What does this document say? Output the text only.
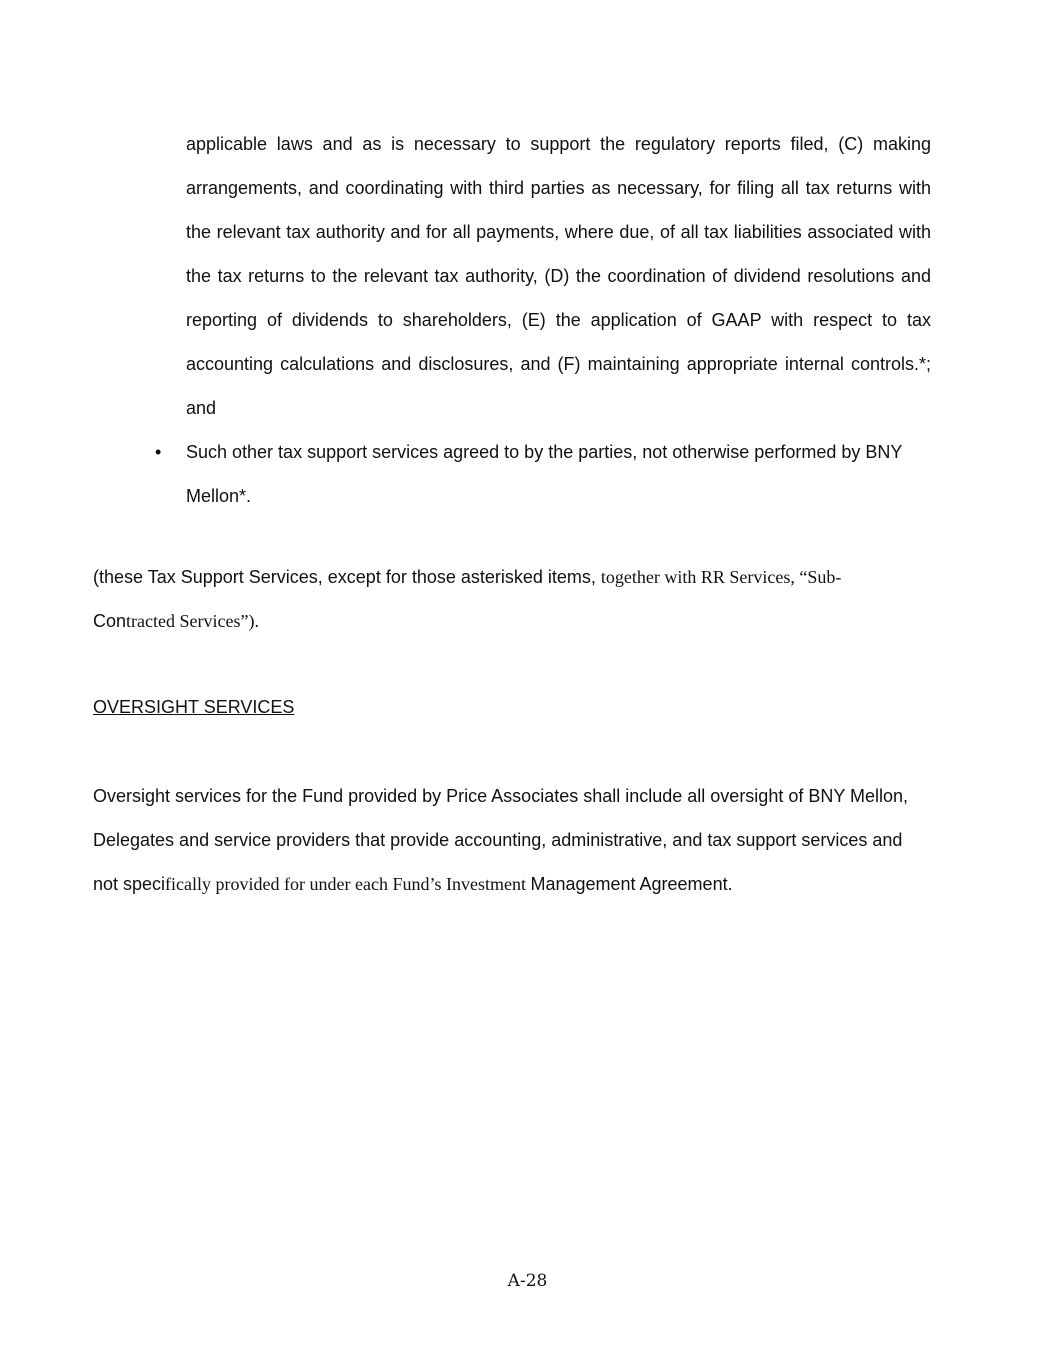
applicable laws and as is necessary to support the regulatory reports filed, (C) making arrangements, and coordinating with third parties as necessary, for filing all tax returns with the relevant tax authority and for all payments, where due, of all tax liabilities associated with the tax returns to the relevant tax authority, (D) the coordination of dividend resolutions and reporting of dividends to shareholders, (E) the application of GAAP with respect to tax accounting calculations and disclosures, and (F) maintaining appropriate internal controls.*; and

• Such other tax support services agreed to by the parties, not otherwise performed by BNY Mellon*.

(these Tax Support Services, except for those asterisked items, together with RR Services, “Sub-
Contracted Services”).

OVERSIGHT SERVICES

Oversight services for the Fund provided by Price Associates shall include all oversight of BNY Mellon, Delegates and service providers that provide accounting, administrative, and tax support services and not specifically provided for under each Fund’s Investment Management Agreement.

A-28
